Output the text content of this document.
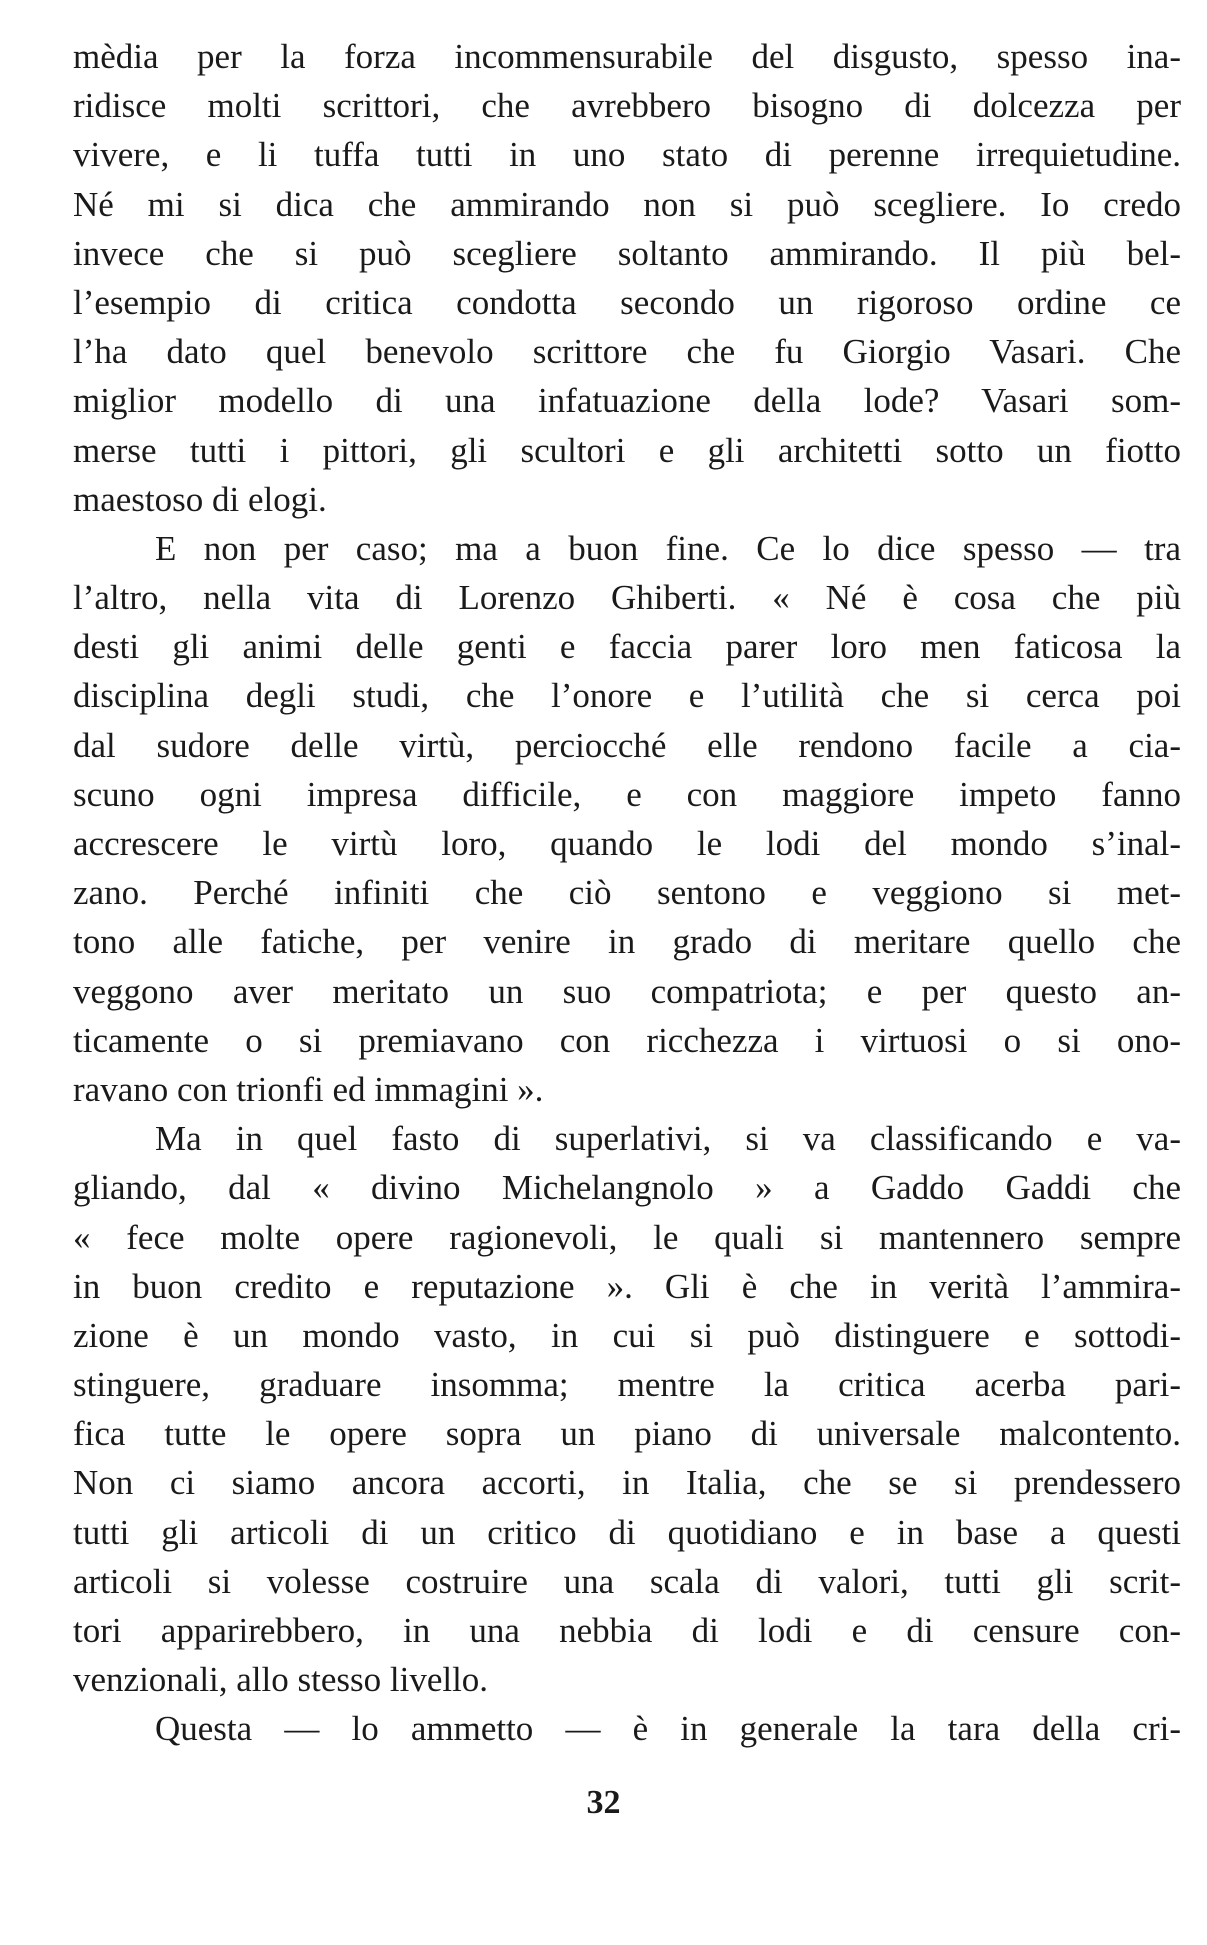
mèdia per la forza incommensurabile del disgusto, spesso ina-
ridisce molti scrittori, che avrebbero bisogno di dolcezza per
vivere, e li tuffa tutti in uno stato di perenne irrequietudine.
Né mi si dica che ammirando non si può scegliere. Io credo
invece che si può scegliere soltanto ammirando. Il più bel-
l’esempio di critica condotta secondo un rigoroso ordine ce
l’ha dato quel benevolo scrittore che fu Giorgio Vasari. Che
miglior modello di una infatuazione della lode? Vasari som-
merse tutti i pittori, gli scultori e gli architetti sotto un fiotto
maestoso di elogi.
E non per caso; ma a buon fine. Ce lo dice spesso — tra
l’altro, nella vita di Lorenzo Ghiberti. « Né è cosa che più
desti gli animi delle genti e faccia parer loro men faticosa la
disciplina degli studi, che l’onore e l’utilità che si cerca poi
dal sudore delle virtù, perciocché elle rendono facile a cia-
scuno ogni impresa difficile, e con maggiore impeto fanno
accrescere le virtù loro, quando le lodi del mondo s’inal-
zano. Perché infiniti che ciò sentono e veggiono si met-
tono alle fatiche, per venire in grado di meritare quello che
veggono aver meritato un suo compatriota; e per questo an-
ticamente o si premiavano con ricchezza i virtuosi o si ono-
ravano con trionfi ed immagini ».
Ma in quel fasto di superlativi, si va classificando e va-
gliando, dal « divino Michelangnolo » a Gaddo Gaddi che
« fece molte opere ragionevoli, le quali si mantennero sempre
in buon credito e reputazione ». Gli è che in verità l’ammira-
zione è un mondo vasto, in cui si può distinguere e sottodi-
stinguere, graduare insomma; mentre la critica acerba pari-
fica tutte le opere sopra un piano di universale malcontento.
Non ci siamo ancora accorti, in Italia, che se si prendessero
tutti gli articoli di un critico di quotidiano e in base a questi
articoli si volesse costruire una scala di valori, tutti gli scrit-
tori apparirebbero, in una nebbia di lodi e di censure con-
venzionali, allo stesso livello.
Questa — lo ammetto — è in generale la tara della cri-
32
